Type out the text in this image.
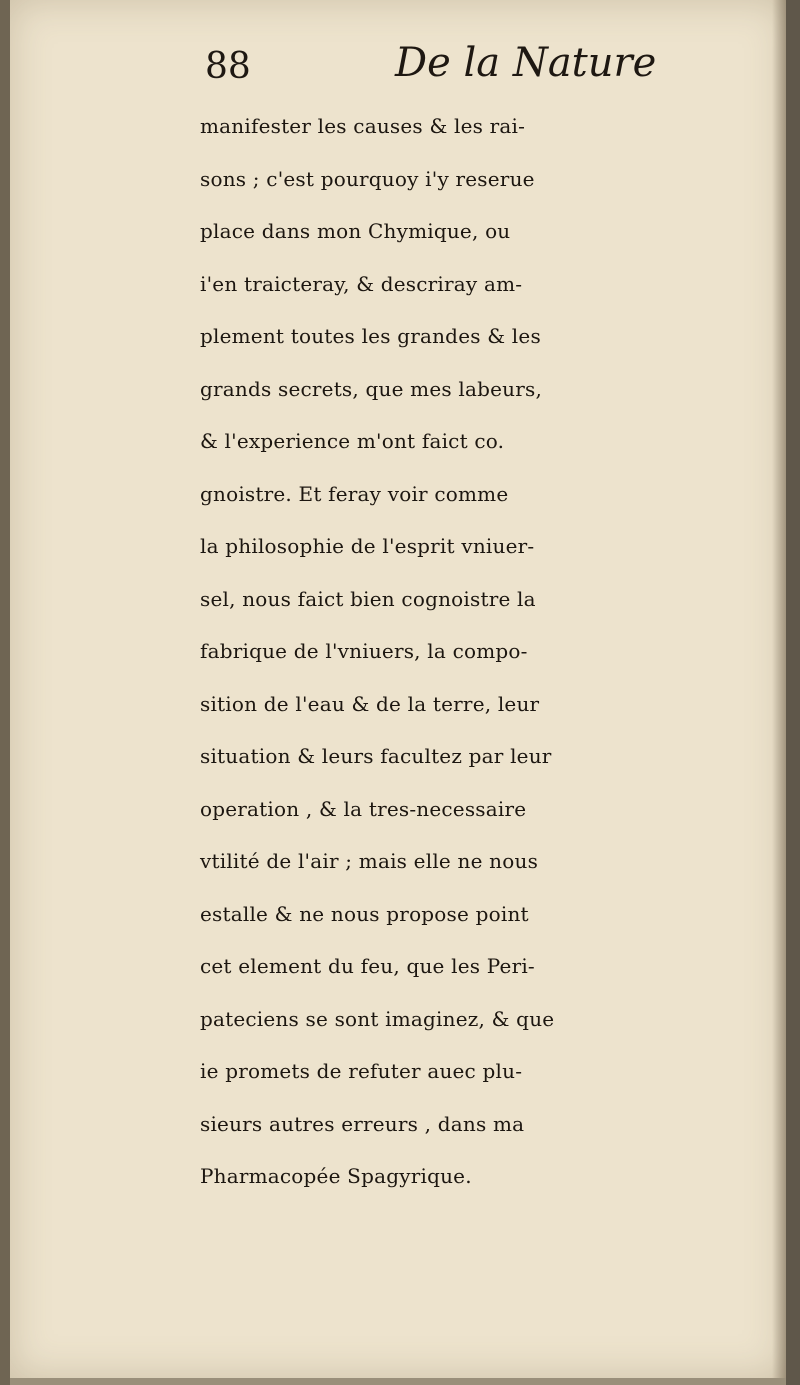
88	De la Nature
manifester les causes & les rai-
sons ; c'est pourquoy i'y reserue
place dans mon Chymique, ou
i'en traicteray, & descriray am-
plement toutes les grandes & les
grands secrets, que mes labeurs,
& l'experience m'ont faict co.
gnoistre. Et feray voir comme
la philosophie de l'esprit vniuer-
sel, nous faict bien cognoistre la
fabrique de l'vniuers, la compo-
sition de l'eau & de la terre, leur
situation & leurs facultez par leur
operation , & la tres-necessaire
vtilité de l'air ; mais elle ne nous
estalle & ne nous propose point
cet element du feu, que les Peri-
pateciens se sont imaginez, & que
ie promets de refuter auec plu-
sieurs autres erreurs , dans ma
Pharmacopée Spagyrique.
